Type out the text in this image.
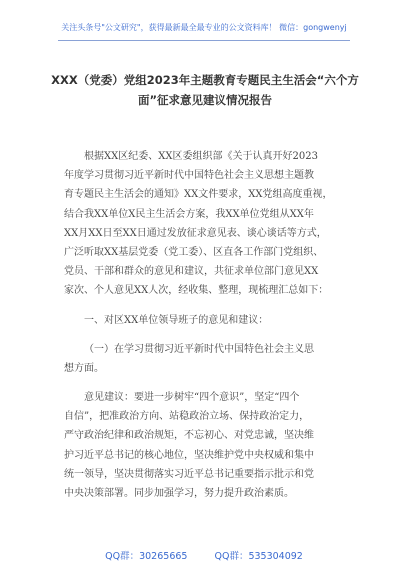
关注头条号"公文研究"，获得最新最全最专业的公文资料库！ 微信：gongwenyj
XXX（党委）党组2023年主题教育专题民主生活会“六个方
面”征求意见建议情况报告
根据XX区纪委、XX区委组织部《关于认真开好2023
年度学习贯彻习近平新时代中国特色社会主义思想主题教
育专题民主生活会的通知》XX文件要求，XX党组高度重视，
结合我XX单位X民主生活会方案，我XX单位党组从XX年
XX月XX日至XX日通过发放征求意见表、谈心谈话等方式，
广泛听取XX基层党委（党工委）、区直各工作部门党组织、
党员、干部和群众的意见和建议，共征求单位部门意见XX
家次、个人意见XX人次，经收集、整理，现梳理汇总如下：
一、对区XX单位领导班子的意见和建议：
（一）在学习贯彻习近平新时代中国特色社会主义思
想方面。
意见建议：要进一步树牢“四个意识”，坚定“四个
自信”，把准政治方向、站稳政治立场、保持政治定力，
严守政治纪律和政治规矩，不忘初心、对党忠诚，坚决维
护习近平总书记的核心地位，坚决维护党中央权威和集中
统一领导，坚决贯彻落实习近平总书记重要指示批示和党
中央决策部署。同步加强学习，努力提升政治素质。
QQ群：30265665	QQ群：535304092
